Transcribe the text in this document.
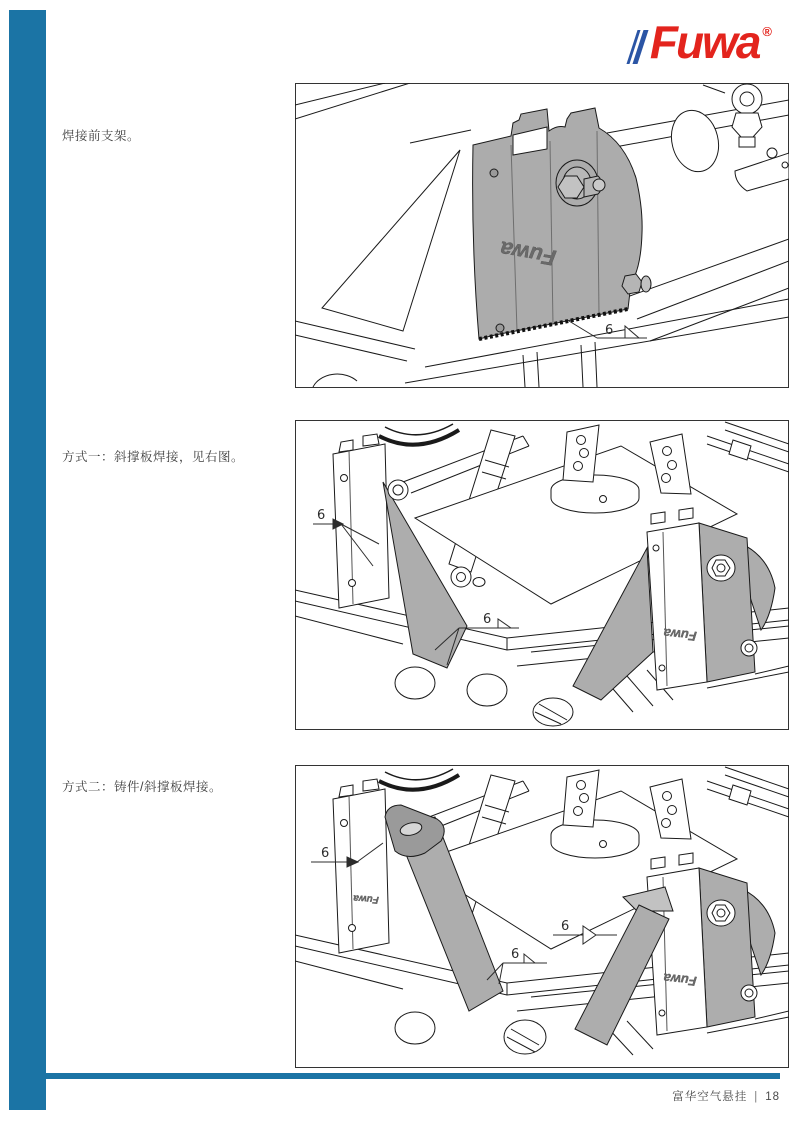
Fuwa ®
焊接前支架。
方式一：斜撑板焊接，见右图。
方式二：铸件/斜撑板焊接。
Fuwa
6
Fuwa
6
6
Fuwa
Fuwa
6
6
6
富华空气悬挂 | 18
